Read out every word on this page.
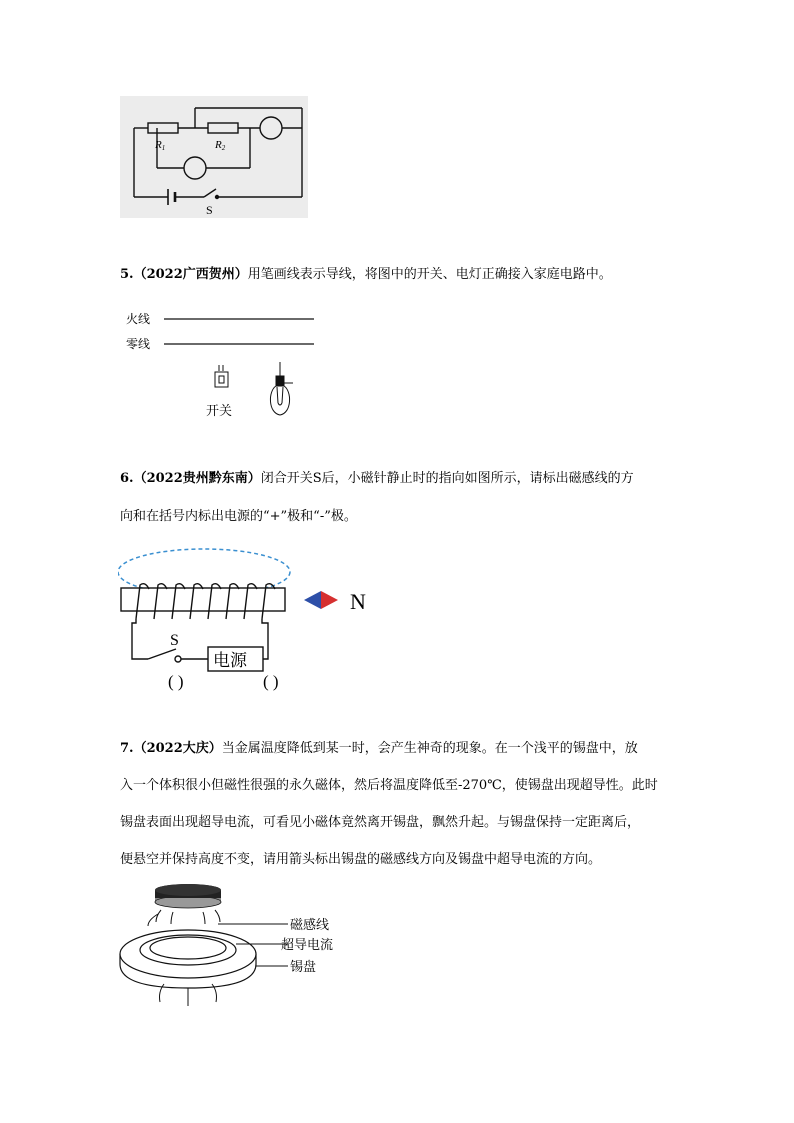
R1	R2
S
5.（2022广西贺州）用笔画线表示导线，将图中的开关、电灯正确接入家庭电路中。
火线
零线
开关
6.（2022贵州黔东南）闭合开关S后，小磁针静止时的指向如图所示，请标出磁感线的方
向和在括号内标出电源的“+”极和“-”极。
S
电源
( )	( )
N
7.（2022大庆）当金属温度降低到某一时，会产生神奇的现象。在一个浅平的锡盘中，放
入一个体积很小但磁性很强的永久磁体，然后将温度降低至-270℃，使锡盘出现超导性。此时
锡盘表面出现超导电流，可看见小磁体竟然离开锡盘，飘然升起。与锡盘保持一定距离后，
便悬空并保持高度不变，请用箭头标出锡盘的磁感线方向及锡盘中超导电流的方向。
磁感线
超导电流
锡盘
